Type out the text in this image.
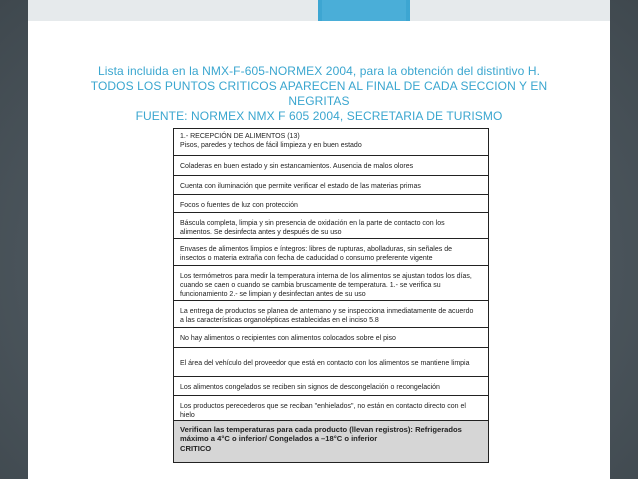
Lista incluida en la NMX-F-605-NORMEX 2004, para la obtención del distintivo H.
TODOS LOS PUNTOS CRITICOS APARECEN AL FINAL DE CADA SECCION Y EN
NEGRITAS
FUENTE: NORMEX NMX F 605 2004, SECRETARIA DE TURISMO
1.- RECEPCIÓN DE ALIMENTOS (13)
Pisos, paredes y techos de fácil limpieza y en buen estado
Coladeras en buen estado y sin estancamientos. Ausencia de malos olores
Cuenta con iluminación que permite verificar el estado de las materias primas
Focos o fuentes de luz con protección
Báscula completa, limpia y sin presencia de oxidación en la parte de contacto con los
alimentos. Se desinfecta antes y después de su uso
Envases de alimentos limpios e íntegros: libres de rupturas, abolladuras, sin señales de
insectos o materia extraña con fecha de caducidad o consumo preferente vigente
Los termómetros para medir la temperatura interna de los alimentos se ajustan todos los días,
cuando se caen o cuando se cambia bruscamente de temperatura. 1.- se verifica su
funcionamiento 2.- se limpian y desinfectan antes de su uso
La entrega de productos se planea de antemano y se inspecciona inmediatamente de acuerdo
a las características organolépticas establecidas en el inciso 5.8
No hay alimentos o recipientes con alimentos colocados sobre el piso
El área del vehículo del proveedor que está en contacto con los alimentos se mantiene limpia
Los alimentos congelados se reciben sin signos de descongelación o recongelación
Los productos perecederos que se reciban "enhielados", no están en contacto directo con el
hielo
Verifican las temperaturas para cada producto (llevan registros): Refrigerados
máximo a 4°C o inferior/ Congelados a –18°C o inferior
CRITICO
